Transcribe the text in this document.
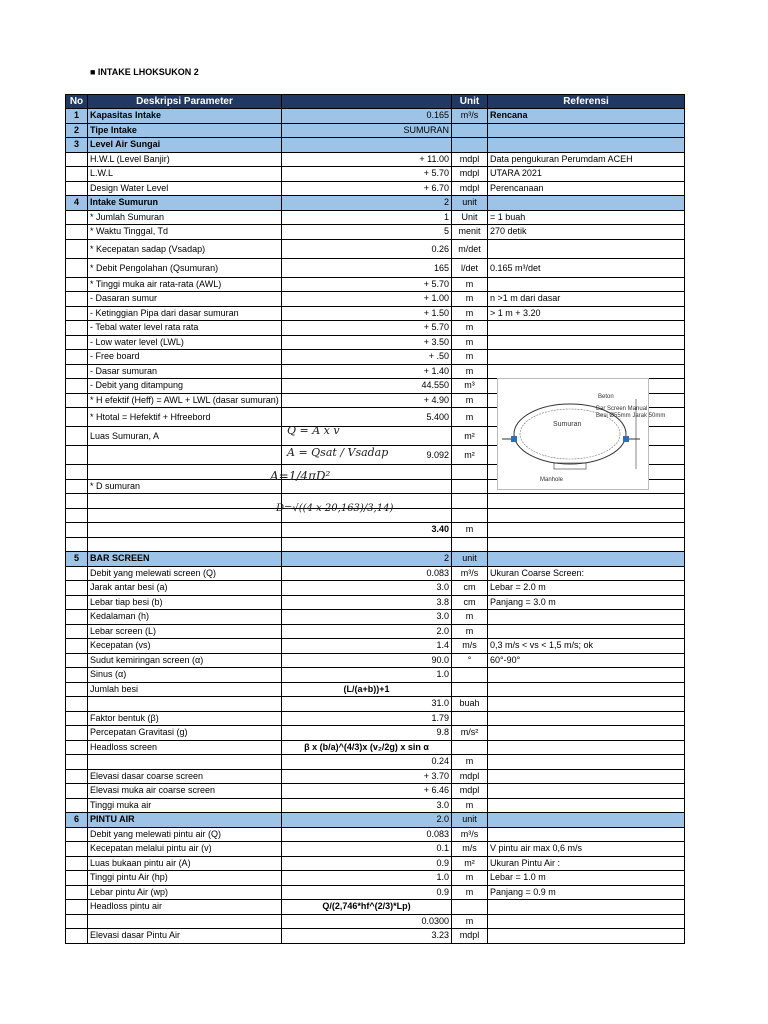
■ INTAKE LHOKSUKON 2
No	Deskripsi Parameter	Unit	Referensi
1	Kapasitas Intake	0.165	m³/s	Rencana
2	Tipe Intake	SUMURAN
3	Level Air Sungai
H.W.L (Level Banjir)	+ 11.00	mdpl	Data pengukuran Perumdam ACEH
L.W.L	+ 5.70	mdpl	UTARA 2021
Design Water Level	+ 6.70	mdpl	Perencanaan
4	Intake Sumurun	2	unit
* Jumlah Sumuran	1	Unit	= 1 buah
* Waktu Tinggal, Td	5	menit	270 detik
* Kecepatan sadap (Vsadap)	0.26	m/det
* Debit Pengolahan (Qsumuran)	165	l/det	0.165 m³/det
* Tinggi muka air rata-rata (AWL)	+ 5.70	m
- Dasaran sumur	+ 1.00	m	n >1 m dari dasar
- Ketinggian Pipa dari dasar sumuran	+ 1.50	m	> 1 m + 3.20
- Tebal water level rata rata	+ 5.70	m
- Low water level (LWL)	+ 3.50	m
- Free board	+ .50	m
- Dasar sumuran	+ 1.40	m
- Debit yang ditampung	44.550	m³
* H efektif (Heff) = AWL + LWL (dasar sumuran)	+ 4.90	m
* Htotal = Hefektif + Hfreebord	5.400	m
Luas Sumuran, A	m²
9.092	m²
* D sumuran
3.40	m
5	BAR SCREEN	2	unit
Debit yang melewati screen (Q)	0.083	m³/s	Ukuran Coarse Screen:
Jarak antar besi (a)	3.0	cm	Lebar = 2.0 m
Lebar tiap besi (b)	3.8	cm	Panjang = 3.0 m
Kedalaman (h)	3.0	m
Lebar screen (L)	2.0	m
Kecepatan (vs)	1.4	m/s	0,3 m/s < vs < 1,5 m/s; ok
Sudut kemiringan screen (α)	90.0	°	60°-90°
Sinus (α)	1.0
Jumlah besi	(L/(a+b))+1
31.0	buah
Faktor bentuk (β)	1.79
Percepatan Gravitasi (g)	9.8	m/s²
Headloss screen	β x (b/a)^(4/3)x (v₂/2g) x sin α
0.24	m
Elevasi dasar coarse screen	+ 3.70	mdpl
Elevasi muka air coarse screen	+ 6.46	mdpl
Tinggi muka air	3.0	m
6	PINTU AIR	2.0	unit
Debit yang melewati pintu air (Q)	0.083	m³/s
Kecepatan melalui pintu air (v)	0.1	m/s	V pintu air max 0,6 m/s
Luas bukaan pintu air (A)	0.9	m²	Ukuran Pintu Air :
Tinggi pintu Air (hp)	1.0	m	Lebar = 1.0 m
Lebar pintu Air (wp)	0.9	m	Panjang = 0.9 m
Headloss pintu air	Q/(2,746*hf^(2/3)*Lp)
0.0300	m
Elevasi dasar Pintu Air	3.23	mdpl
Q = A x v
A = Qsat / Vsadap
A=1/4πD²
D=√((4 x 20,163)/3,14)
Beton
Bar Screen Manual
Besi Ø55mm Jarak 50mm
Sumuran
Manhole
